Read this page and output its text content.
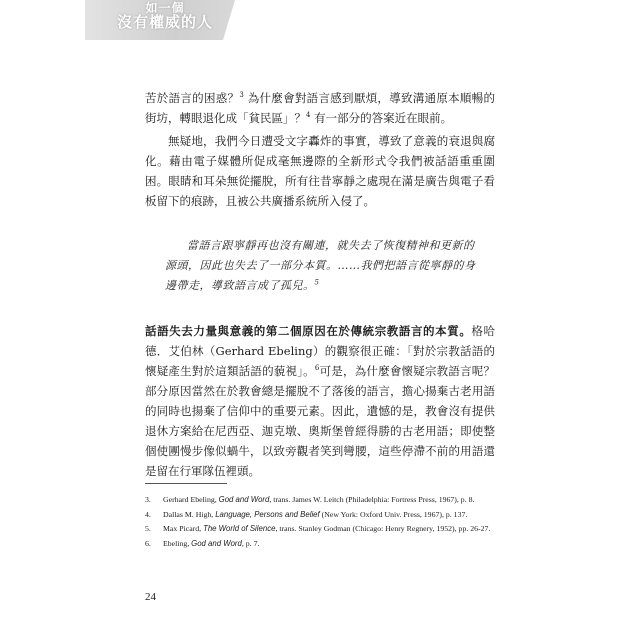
如一個
沒有權威的人

苦於語言的困惑？$^3$ 為什麼會對語言感到厭煩，導致溝通原本順暢的街坊，轉眼退化成「貧民區」？$^4$ 有一部分的答案近在眼前。

無疑地，我們今日遭受文字轟炸的事實，導致了意義的衰退與腐化。藉由電子媒體所促成毫無邊際的全新形式令我們被話語重重圍困。眼睛和耳朵無從擺脫，所有往昔寧靜之處現在滿是廣告與電子看板留下的痕跡，且被公共廣播系統所入侵了。

當語言跟寧靜再也沒有關連，就失去了恢復精神和更新的源頭，因此也失去了一部分本質。……我們把語言從寧靜的身邊帶走，導致語言成了孤兒。$^5$

話語失去力量與意義的第二個原因在於傳統宗教語言的本質。格哈德．艾伯林（Gerhard Ebeling）的觀察很正確：「對於宗教話語的懷疑產生對於這類話語的藐視」。$^6$可是，為什麼會懷疑宗教語言呢？部分原因當然在於教會總是擺脫不了落後的語言，擔心揚棄古老用語的同時也揚棄了信仰中的重要元素。因此，遺憾的是，教會沒有提供退休方案給在尼西亞、迦克墩、奧斯堡曾經得勝的古老用語；即使整個使團慢步像似蝸牛，以致旁觀者笑到彎腰，這些停滯不前的用語還是留在行軍隊伍裡頭。

3.	Gerhard Ebeling, God and Word, trans. James W. Leitch (Philadelphia: Fortress Press, 1967), p. 8.
4.	Dallas M. High, Language, Persons and Belief (New York: Oxford Univ. Press, 1967), p. 137.
5.	Max Picard, The World of Silence, trans. Stanley Godman (Chicago: Henry Regnery, 1952), pp. 26-27.
6.	Ebeling, God and Word, p. 7.
24
